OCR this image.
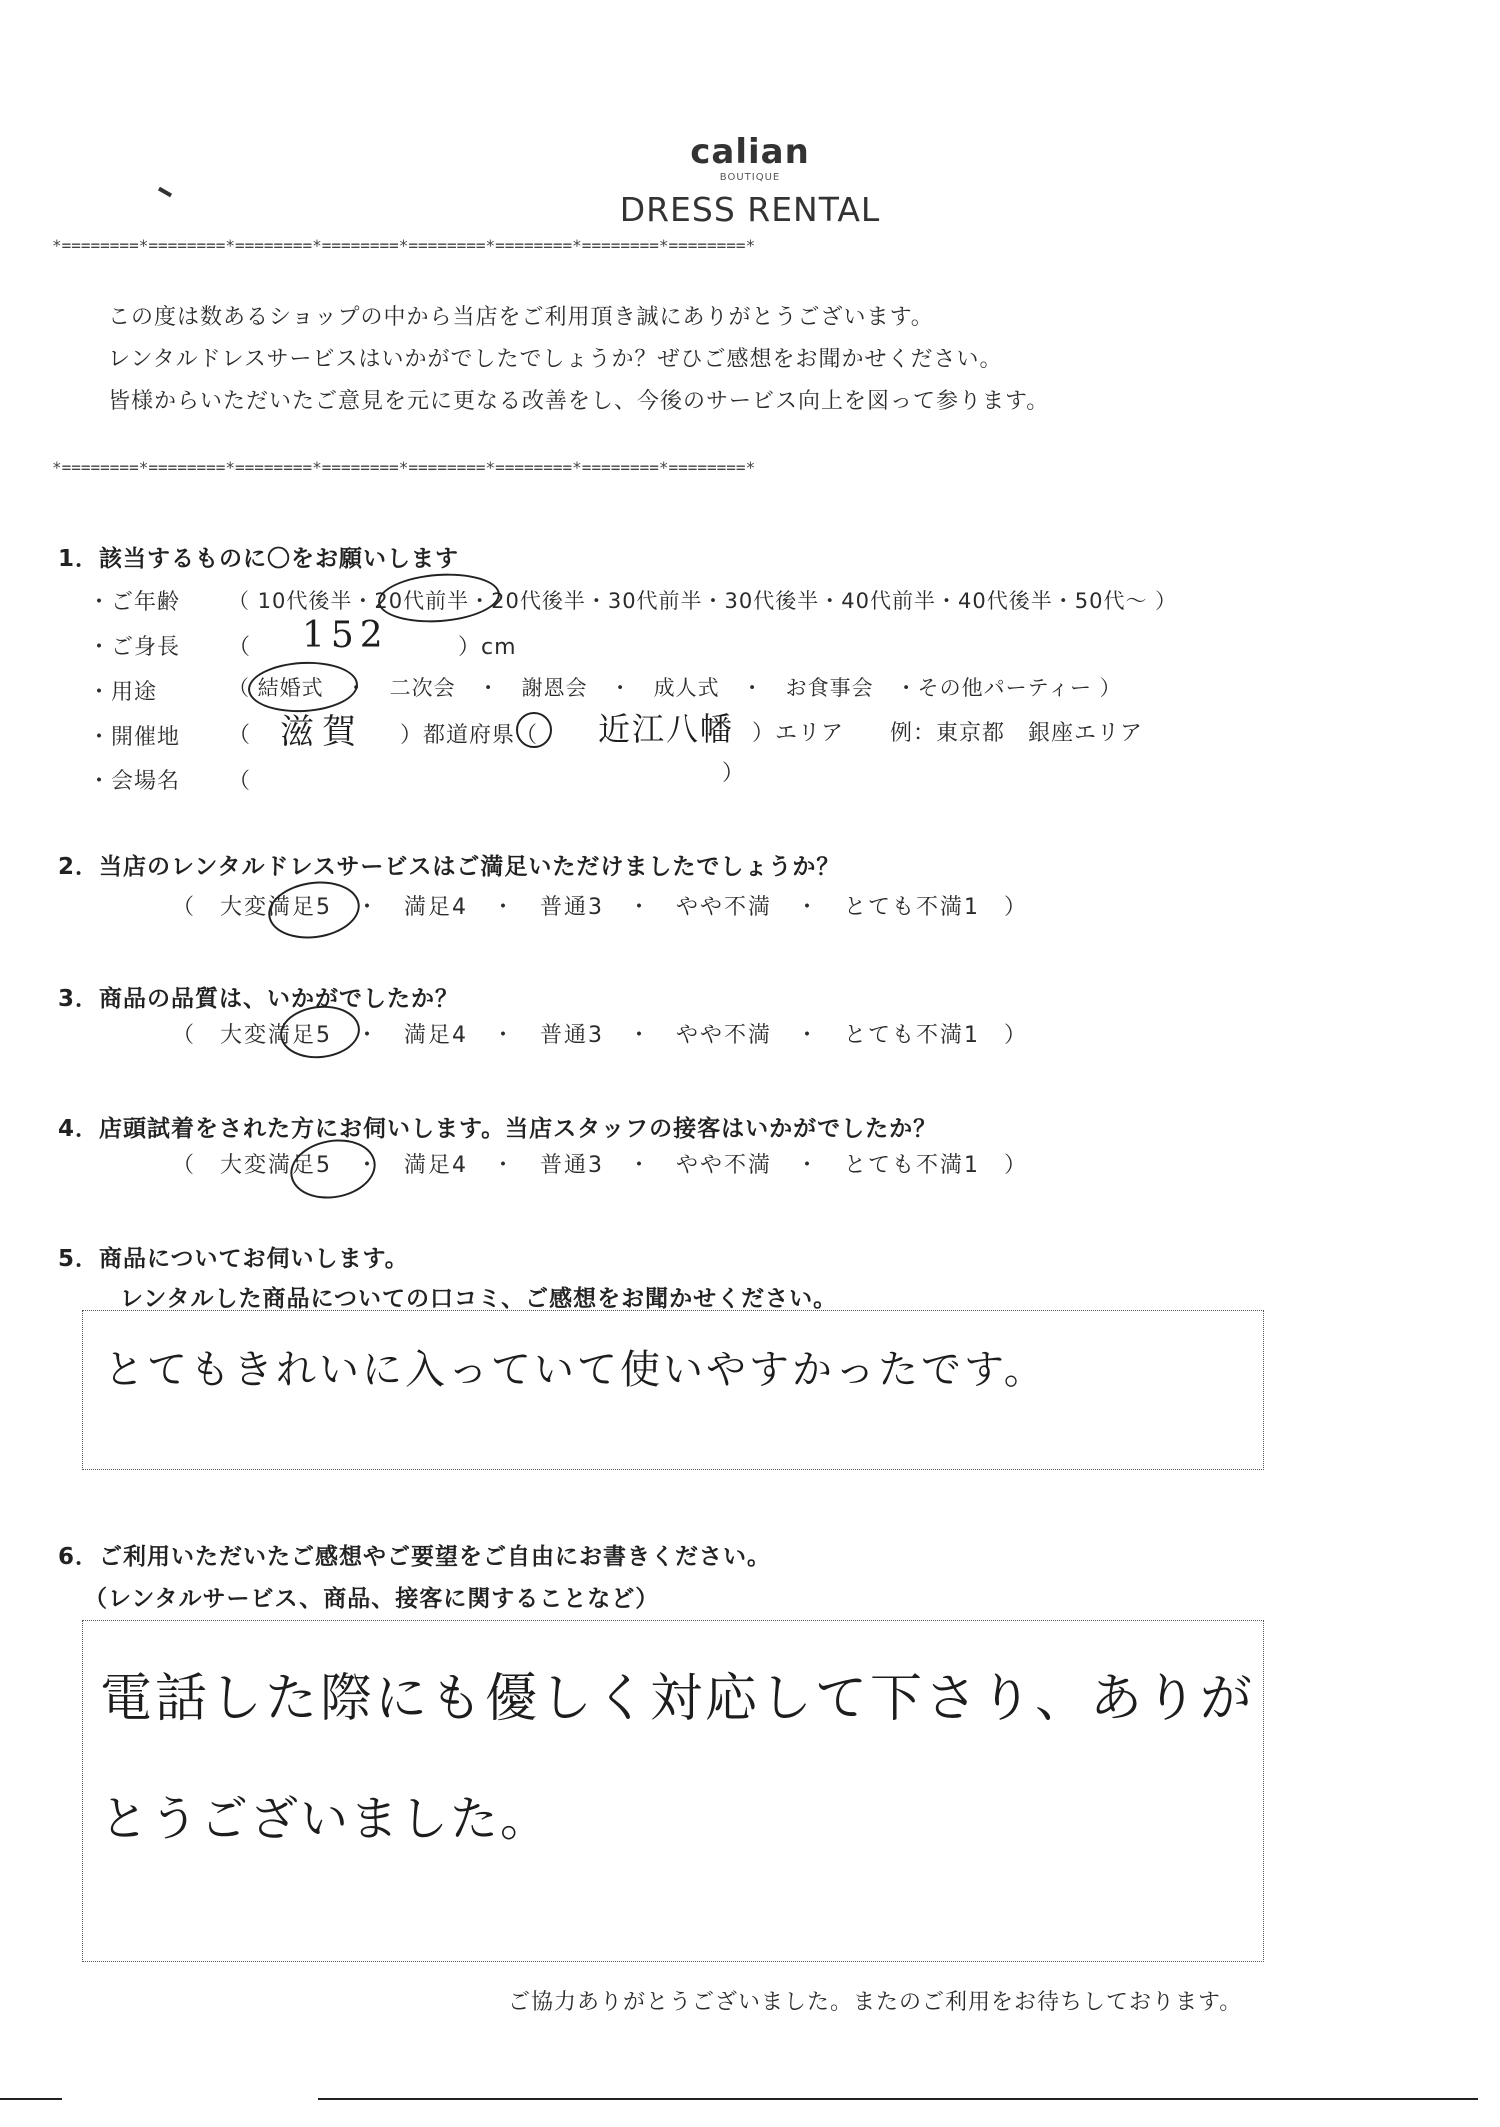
calian
BOUTIQUE
DRESS RENTAL
*========*========*========*========*========*========*========*========*
この度は数あるショップの中から当店をご利用頂き誠にありがとうございます。
レンタルドレスサービスはいかがでしたでしょうか？ぜひご感想をお聞かせください。
皆様からいただいたご意見を元に更なる改善をし、今後のサービス向上を図って参ります。
*========*========*========*========*========*========*========*========*
1．該当するものに〇をお願いします
・ご年齢 （ 10代後半・20代前半・20代後半・30代前半・30代後半・40代前半・40代後半・50代～ ）
・ご身長 （ 152	）cm
・用途	（ 結婚式　・　二次会　・　謝恩会　・　成人式　・　お食事会　・その他パーティー ）
・開催地 （ 滋賀 ）都道府県（ 近江八幡 ）エリア　　例：東京都　銀座エリア
・会場名 （	）
2．当店のレンタルドレスサービスはご満足いただけましたでしょうか？
（　大変満足5　・　満足4　・　普通3　・　やや不満　・　とても不満1　）
3．商品の品質は、いかがでしたか？
（　大変満足5　・　満足4　・　普通3　・　やや不満　・　とても不満1　）
4．店頭試着をされた方にお伺いします。当店スタッフの接客はいかがでしたか？
（　大変満足5　・　満足4　・　普通3　・　やや不満　・　とても不満1　）
5．商品についてお伺いします。
レンタルした商品についての口コミ、ご感想をお聞かせください。
とてもきれいに入っていて使いやすかったです。
6．ご利用いただいたご感想やご要望をご自由にお書きください。
（レンタルサービス、商品、接客に関することなど）
電話した際にも優しく対応して下さり、ありが
とうございました。
ご協力ありがとうございました。またのご利用をお待ちしております。
